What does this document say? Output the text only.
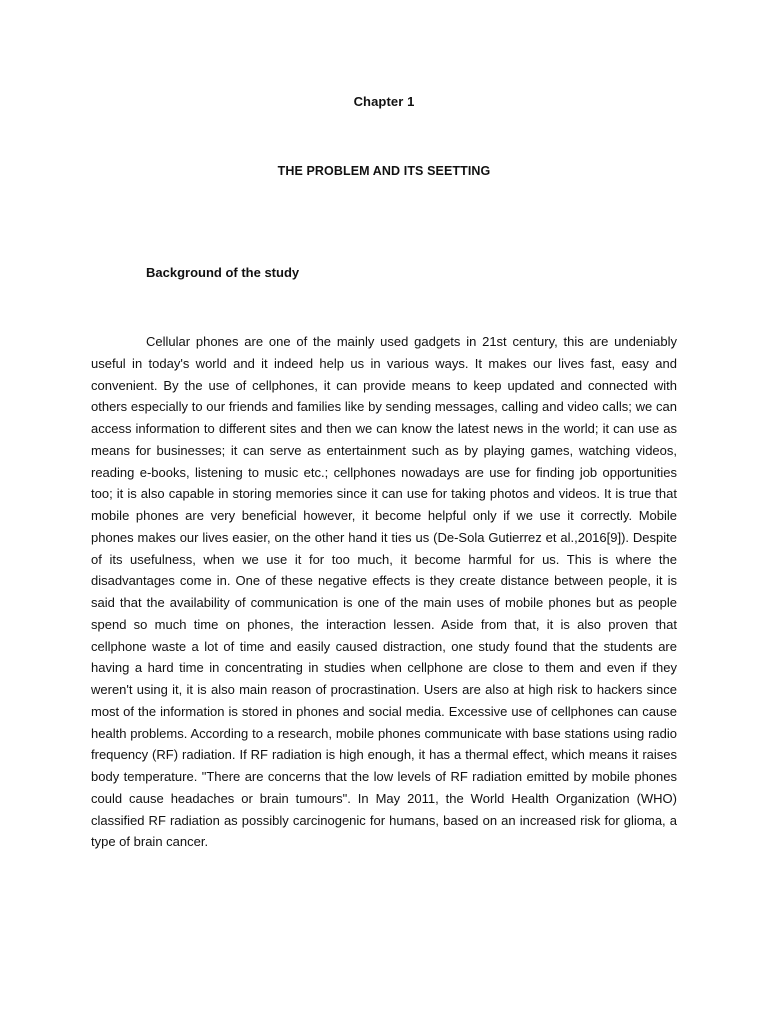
Chapter 1
THE PROBLEM AND ITS SEETTING
Background of the study

Cellular phones are one of the mainly used gadgets in 21st century, this are undeniably useful in today's world and it indeed help us in various ways. It makes our lives fast, easy and convenient. By the use of cellphones, it can provide means to keep updated and connected with others especially to our friends and families like by sending messages, calling and video calls; we can access information to different sites and then we can know the latest news in the world; it can use as means for businesses; it can serve as entertainment such as by playing games, watching videos, reading e-books, listening to music etc.; cellphones nowadays are use for finding job opportunities too; it is also capable in storing memories since it can use for taking photos and videos. It is true that mobile phones are very beneficial however, it become helpful only if we use it correctly. Mobile phones makes our lives easier, on the other hand it ties us (De-Sola Gutierrez et al.,2016[9]). Despite of its usefulness, when we use it for too much, it become harmful for us. This is where the disadvantages come in. One of these negative effects is they create distance between people, it is said that the availability of communication is one of the main uses of mobile phones but as people spend so much time on phones, the interaction lessen. Aside from that, it is also proven that cellphone waste a lot of time and easily caused distraction, one study found that the students are having a hard time in concentrating in studies when cellphone are close to them and even if they weren't using it, it is also main reason of procrastination. Users are also at high risk to hackers since most of the information is stored in phones and social media. Excessive use of cellphones can cause health problems. According to a research, mobile phones communicate with base stations using radio frequency (RF) radiation. If RF radiation is high enough, it has a thermal effect, which means it raises body temperature. "There are concerns that the low levels of RF radiation emitted by mobile phones could cause headaches or brain tumours". In May 2011, the World Health Organization (WHO) classified RF radiation as possibly carcinogenic for humans, based on an increased risk for glioma, a type of brain cancer.
